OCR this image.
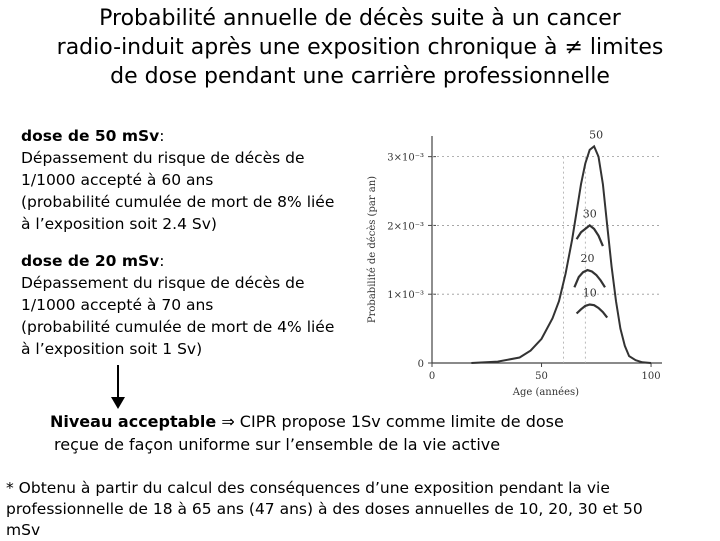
Probabilité annuelle de décès suite à un cancer
radio-induit après une exposition chronique à ≠ limites
de dose pendant une carrière professionnelle
dose de 50 mSv:
Dépassement du risque de décès de
1/1000 accepté à 60 ans
(probabilité cumulée de mort de 8% liée
à l’exposition soit 2.4 Sv)
dose de 20 mSv:
Dépassement du risque de décès de
1/1000 accepté à 70 ans
(probabilité cumulée de mort de 4% liée
à l’exposition soit 1 Sv)
Niveau acceptable ⇒ CIPR propose 1Sv comme limite de dose
reçue de façon uniforme sur l’ensemble de la vie active
* Obtenu à partir du calcul des conséquences d’une exposition pendant la vie
professionnelle de 18 à 65 ans (47 ans) à des doses annuelles de 10, 20, 30 et 50
mSv
0
1×10⁻³
2×10⁻³
3×10⁻³
0	50	100
Age (années)
Probabilité de décès (par an)
50
30
20
10
